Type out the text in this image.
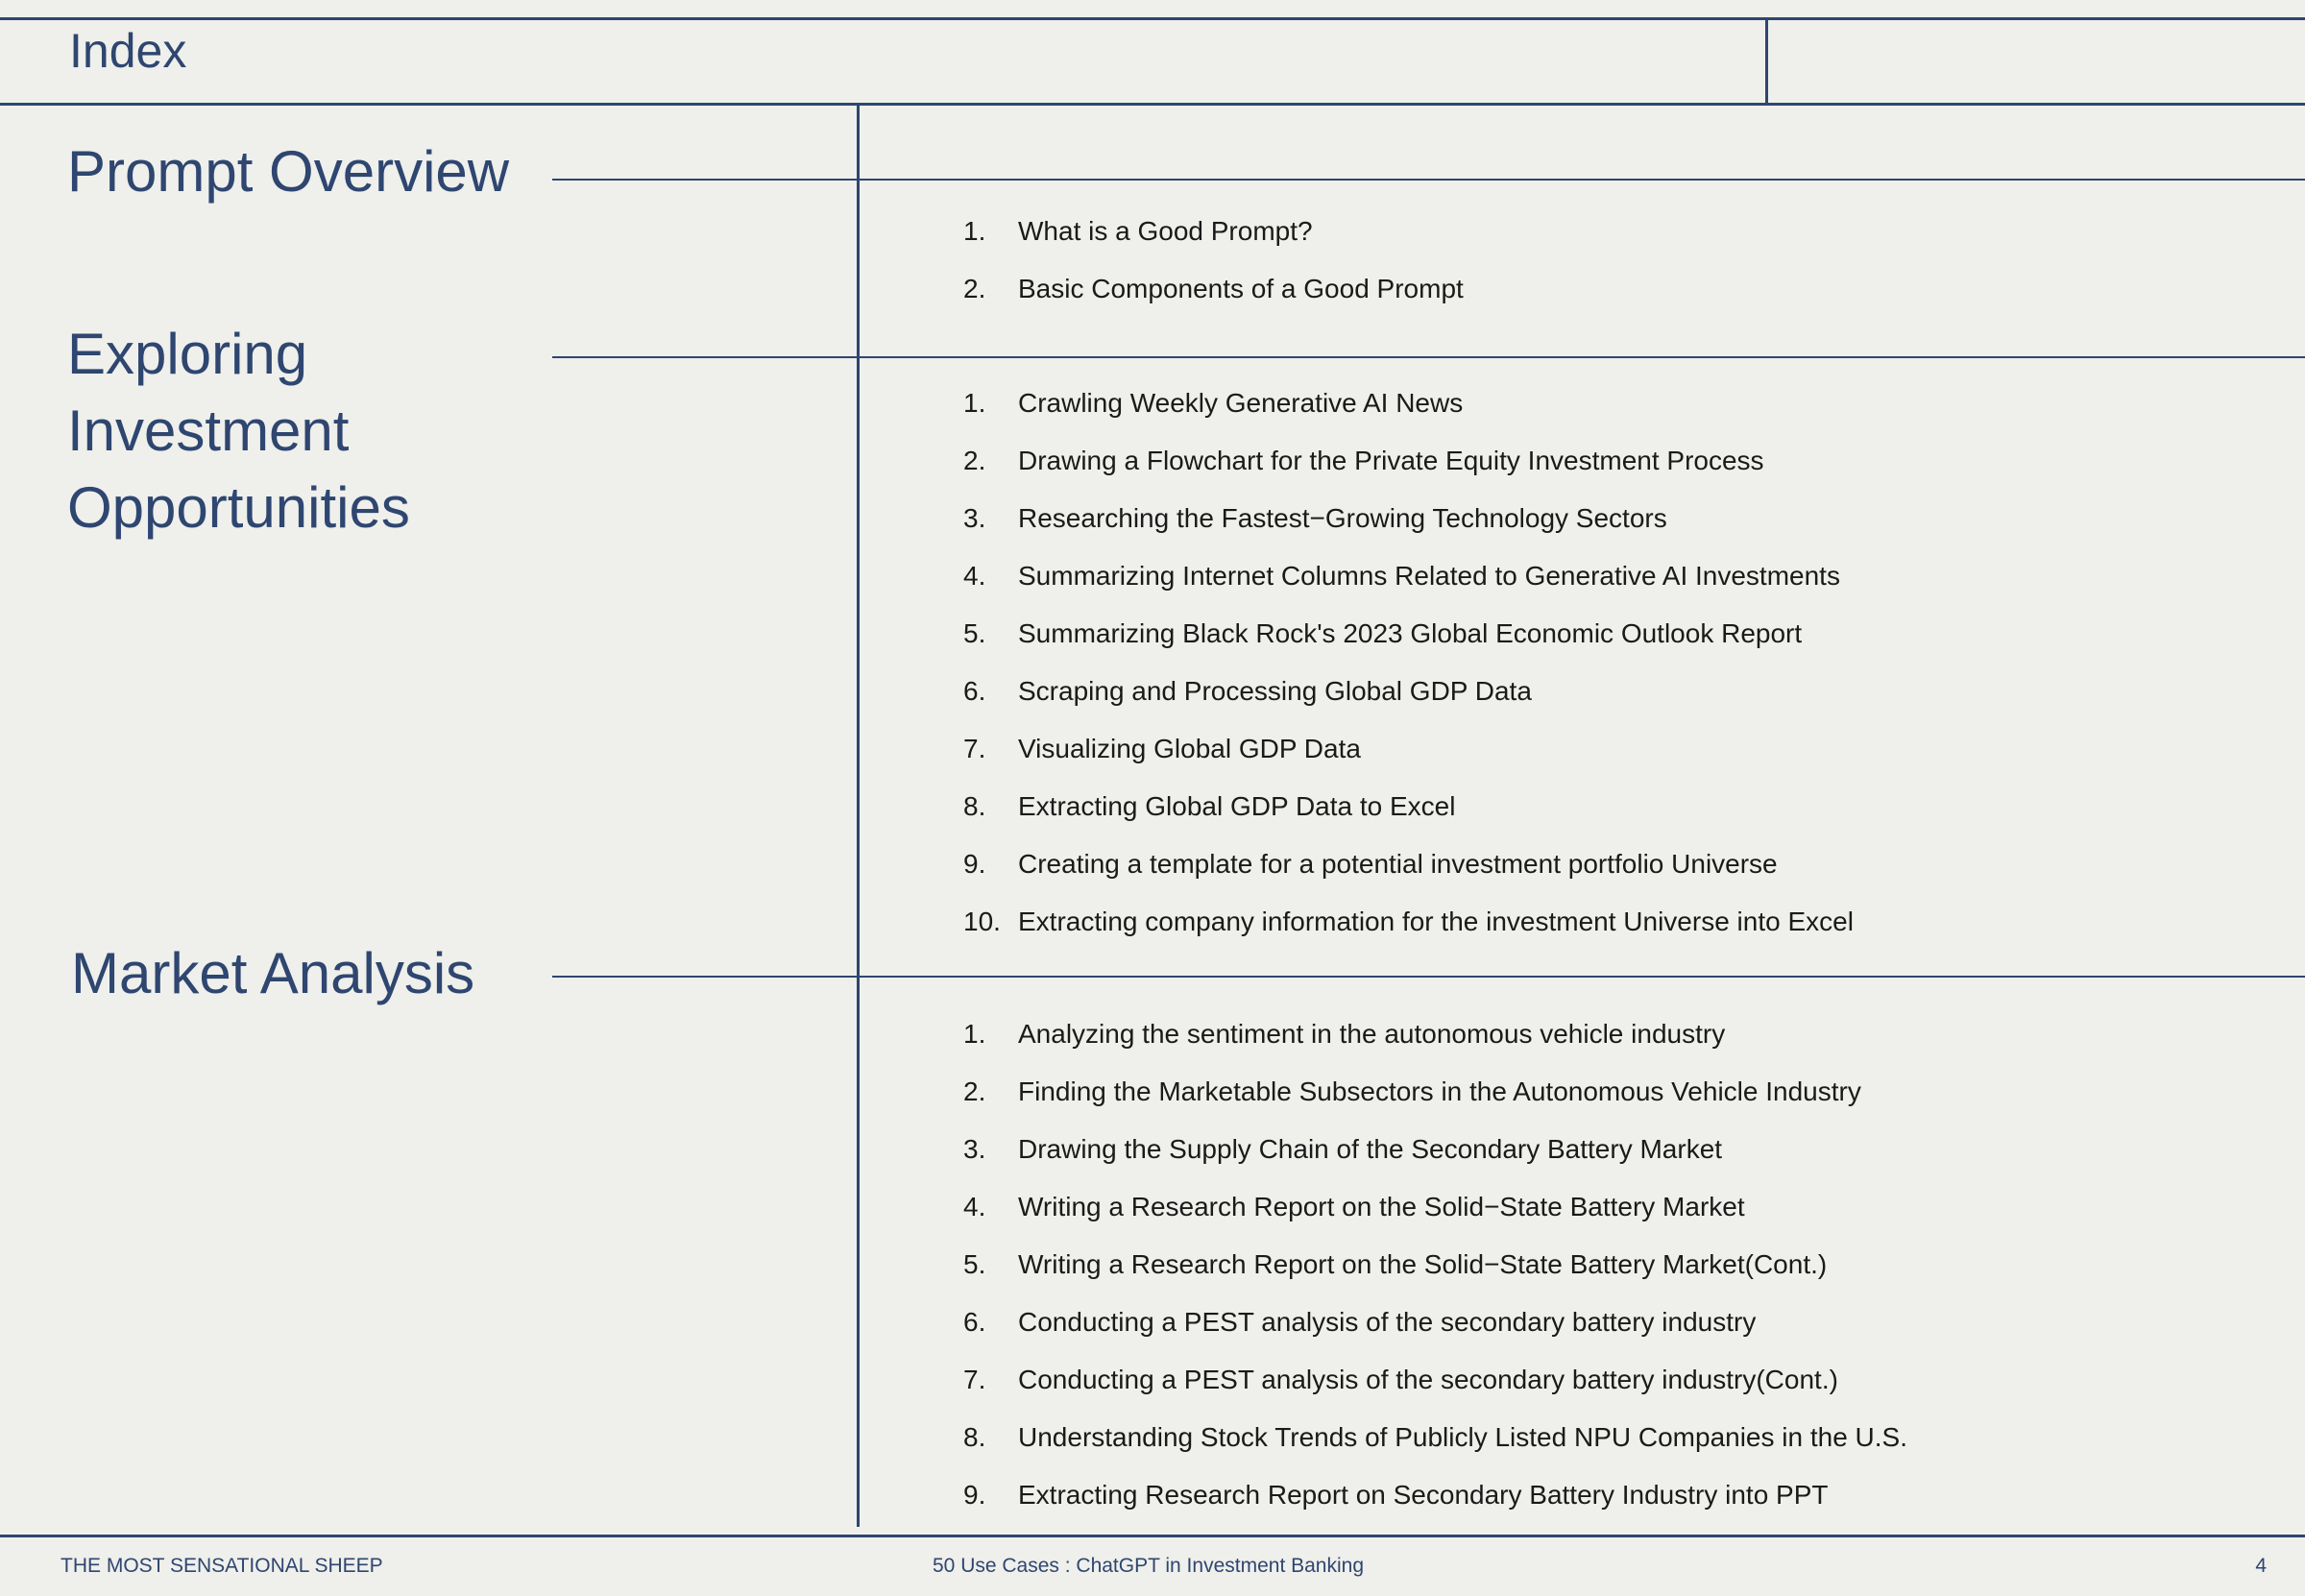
Index
Prompt Overview
1.	What is a Good Prompt?
2.	Basic Components of a Good Prompt
Exploring
Investment
Opportunities
1.	Crawling Weekly Generative AI News
2.	Drawing a Flowchart for the Private Equity Investment Process
3.	Researching the Fastest−Growing Technology Sectors
4.	Summarizing Internet Columns Related to Generative AI Investments
5.	Summarizing Black Rock's 2023 Global Economic Outlook Report
6.	Scraping and Processing Global GDP Data
7.	Visualizing Global GDP Data
8.	Extracting Global GDP Data to Excel
9.	Creating a template for a potential investment portfolio Universe
10. Extracting company information for the investment Universe into Excel
Market Analysis
1.	Analyzing the sentiment in the autonomous vehicle industry
2.	Finding the Marketable Subsectors in the Autonomous Vehicle Industry
3.	Drawing the Supply Chain of the Secondary Battery Market
4.	Writing a Research Report on the Solid−State Battery Market
5.	Writing a Research Report on the Solid−State Battery Market(Cont.)
6.	Conducting a PEST analysis of the secondary battery industry
7.	Conducting a PEST analysis of the secondary battery industry(Cont.)
8.	Understanding Stock Trends of Publicly Listed NPU Companies in the U.S.
9.	Extracting Research Report on Secondary Battery Industry into PPT
THE MOST SENSATIONAL SHEEP	50 Use Cases : ChatGPT in Investment Banking	4
